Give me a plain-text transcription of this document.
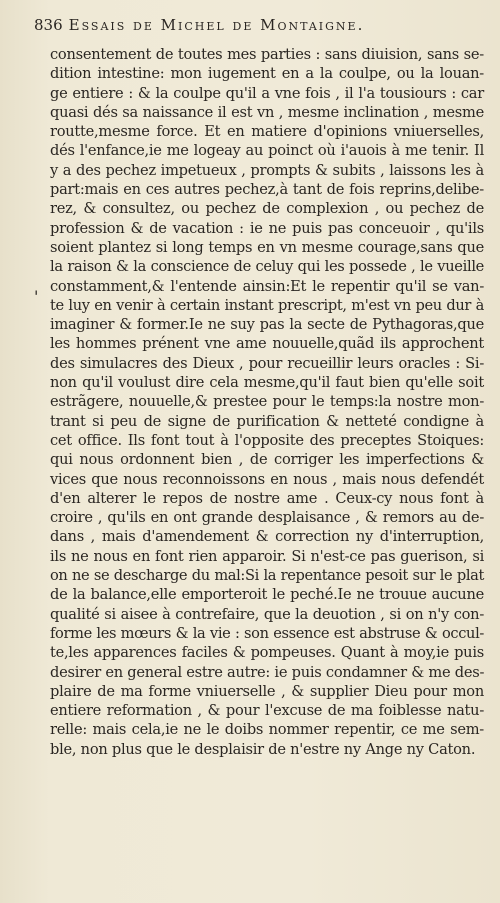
836 Essais de Michel de Montaigne.
'
consentement de toutes mes parties : sans diuision, sans se-
dition intestine: mon iugement en a la coulpe, ou la louan-
ge entiere : & la coulpe qu'il a vne fois , il l'a tousiours : car
quasi dés sa naissance il est vn , mesme inclination , mesme
routte,mesme force. Et en matiere d'opinions vniuerselles,
dés l'enfance,ie me logeay au poinct où i'auois à me tenir. Il
y a des pechez impetueux , prompts & subits , laissons les à
part:mais en ces autres pechez,à tant de fois reprins,delibe-
rez, & consultez, ou pechez de complexion , ou pechez de
profession & de vacation : ie ne puis pas conceuoir , qu'ils
soient plantez si long temps en vn mesme courage,sans que
la raison & la conscience de celuy qui les possede , le vueille
constamment,& l'entende ainsin:Et le repentir qu'il se van-
te luy en venir à certain instant prescript, m'est vn peu dur à
imaginer & former.Ie ne suy pas la secte de Pythagoras,que
les hommes prénent vne ame nouuelle,quãd ils approchent
des simulacres des Dieux , pour recueillir leurs oracles : Si-
non qu'il voulust dire cela mesme,qu'il faut bien qu'elle soit
estrãgere, nouuelle,& prestee pour le temps:la nostre mon-
trant si peu de signe de purification & netteté condigne à
cet office. Ils font tout à l'opposite des preceptes Stoiques:
qui nous ordonnent bien , de corriger les imperfections &
vices que nous reconnoissons en nous , mais nous defendét
d'en alterer le repos de nostre ame . Ceux-cy nous font à
croire , qu'ils en ont grande desplaisance , & remors au de-
dans , mais d'amendement & correction ny d'interruption,
ils ne nous en font rien apparoir. Si n'est-ce pas guerison, si
on ne se descharge du mal:Si la repentance pesoit sur le plat
de la balance,elle emporteroit le peché.Ie ne trouue aucune
qualité si aisee à contrefaire, que la deuotion , si on n'y con-
forme les mœurs & la vie : son essence est abstruse & occul-
te,les apparences faciles & pompeuses. Quant à moy,ie puis
desirer en general estre autre: ie puis condamner & me des-
plaire de ma forme vniuerselle , & supplier Dieu pour mon
entiere reformation , & pour l'excuse de ma foiblesse natu-
relle: mais cela,ie ne le doibs nommer repentir, ce me sem-
ble, non plus que le desplaisir de n'estre ny Ange ny Caton.
